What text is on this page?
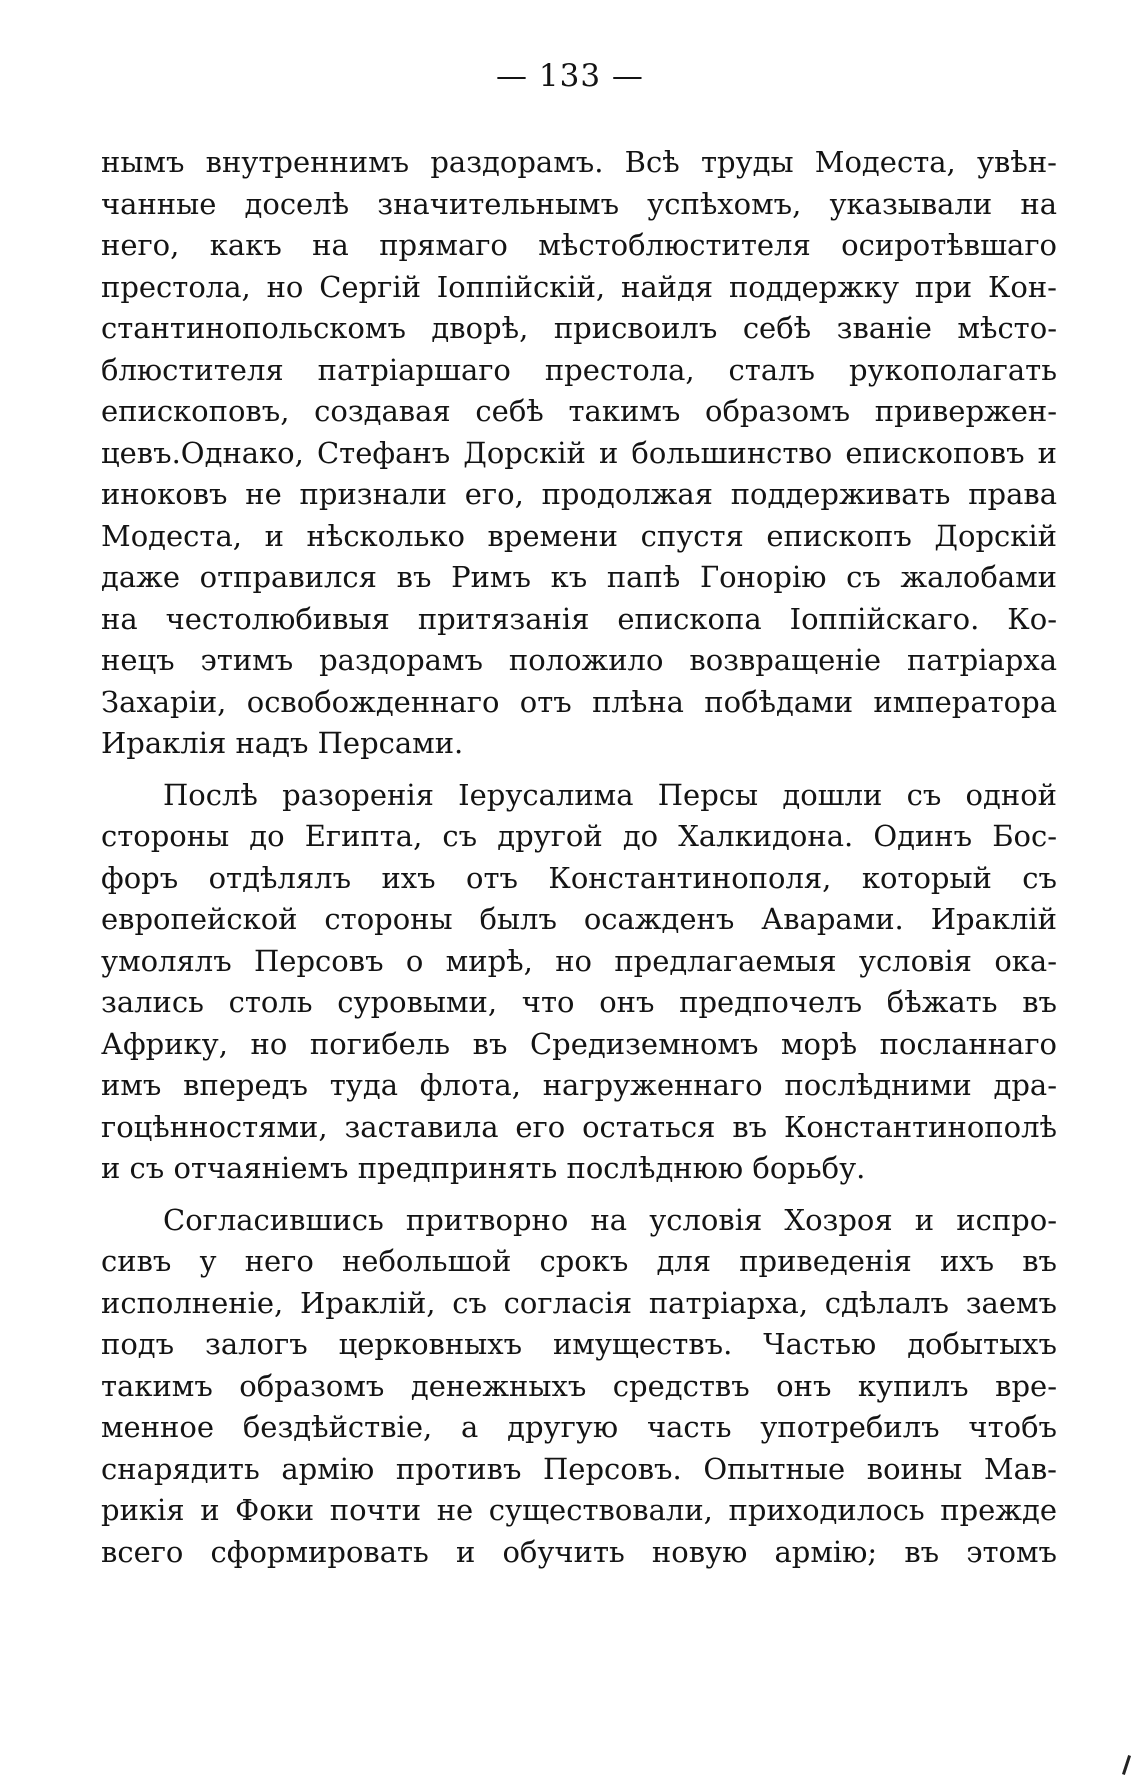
— 133 —
нымъ внутреннимъ раздорамъ. Всѣ труды Модеста, увѣн-
чанные доселѣ значительнымъ успѣхомъ, указывали на
него, какъ на прямаго мѣстоблюстителя осиротѣвшаго
престола, но Сергій Іоппійскій, найдя поддержку при Кон-
стантинопольскомъ дворѣ, присвоилъ себѣ званіе мѣсто-
блюстителя патріаршаго престола, сталъ рукополагать
епископовъ, создавая себѣ такимъ образомъ привержен-
цевъ.Однако, Стефанъ Дорскій и большинство епископовъ и
иноковъ не признали его, продолжая поддерживать права
Модеста, и нѣсколько времени спустя епископъ Дорскій
даже отправился въ Римъ къ папѣ Гонорію съ жалобами
на честолюбивыя притязанія епископа Іоппійскаго. Ко-
нецъ этимъ раздорамъ положило возвращеніе патріарха
Захаріи, освобожденнаго отъ плѣна побѣдами императора
Ираклія надъ Персами.
Послѣ разоренія Іерусалима Персы дошли съ одной
стороны до Египта, съ другой до Халкидона. Одинъ Бос-
форъ отдѣлялъ ихъ отъ Константинополя, который съ
европейской стороны былъ осажденъ Аварами. Ираклій
умолялъ Персовъ о мирѣ, но предлагаемыя условія ока-
зались столь суровыми, что онъ предпочелъ бѣжать въ
Африку, но погибель въ Средиземномъ морѣ посланнаго
имъ впередъ туда флота, нагруженнаго послѣдними дра-
гоцѣнностями, заставила его остаться въ Константинополѣ
и съ отчаяніемъ предпринять послѣднюю борьбу.
Согласившись притворно на условія Хозроя и испро-
сивъ у него небольшой срокъ для приведенія ихъ въ
исполненіе, Ираклій, съ согласія патріарха, сдѣлалъ заемъ
подъ залогъ церковныхъ имуществъ. Частью добытыхъ
такимъ образомъ денежныхъ средствъ онъ купилъ вре-
менное бездѣйствіе, а другую часть употребилъ чтобъ
снарядить армію противъ Персовъ. Опытные воины Мав-
рикія и Фоки почти не существовали, приходилось прежде
всего сформировать и обучить новую армію; въ этомъ
